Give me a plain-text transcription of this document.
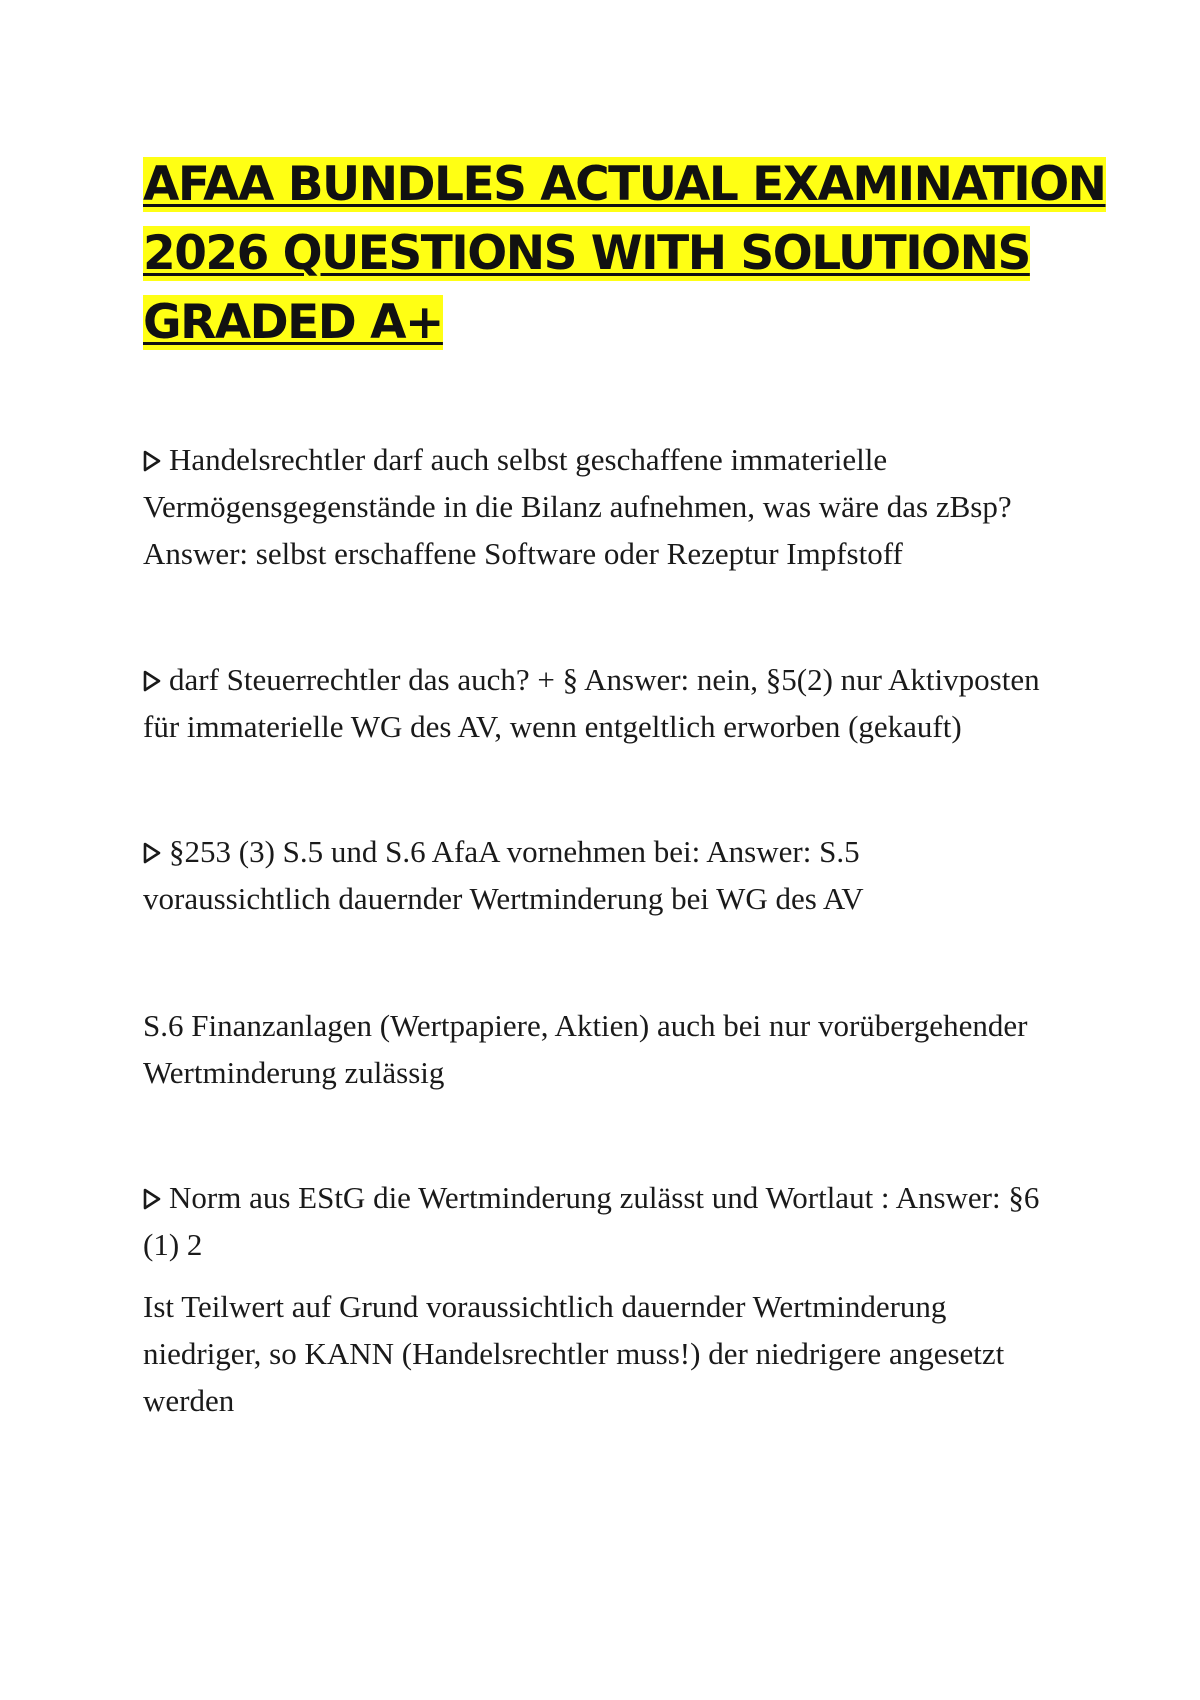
AFAA BUNDLES ACTUAL EXAMINATION
2026 QUESTIONS WITH SOLUTIONS
GRADED A+
Handelsrechtler darf auch selbst geschaffene immaterielle
Vermögensgegenstände in die Bilanz aufnehmen, was wäre das zBsp?
Answer: selbst erschaffene Software oder Rezeptur Impfstoff
darf Steuerrechtler das auch? + § Answer: nein, §5(2) nur Aktivposten
für immaterielle WG des AV, wenn entgeltlich erworben (gekauft)
§253 (3) S.5 und S.6 AfaA vornehmen bei: Answer: S.5
voraussichtlich dauernder Wertminderung bei WG des AV
S.6 Finanzanlagen (Wertpapiere, Aktien) auch bei nur vorübergehender
Wertminderung zulässig
Norm aus EStG die Wertminderung zulässt und Wortlaut : Answer: §6
(1) 2
Ist Teilwert auf Grund voraussichtlich dauernder Wertminderung
niedriger, so KANN (Handelsrechtler muss!) der niedrigere angesetzt
werden
